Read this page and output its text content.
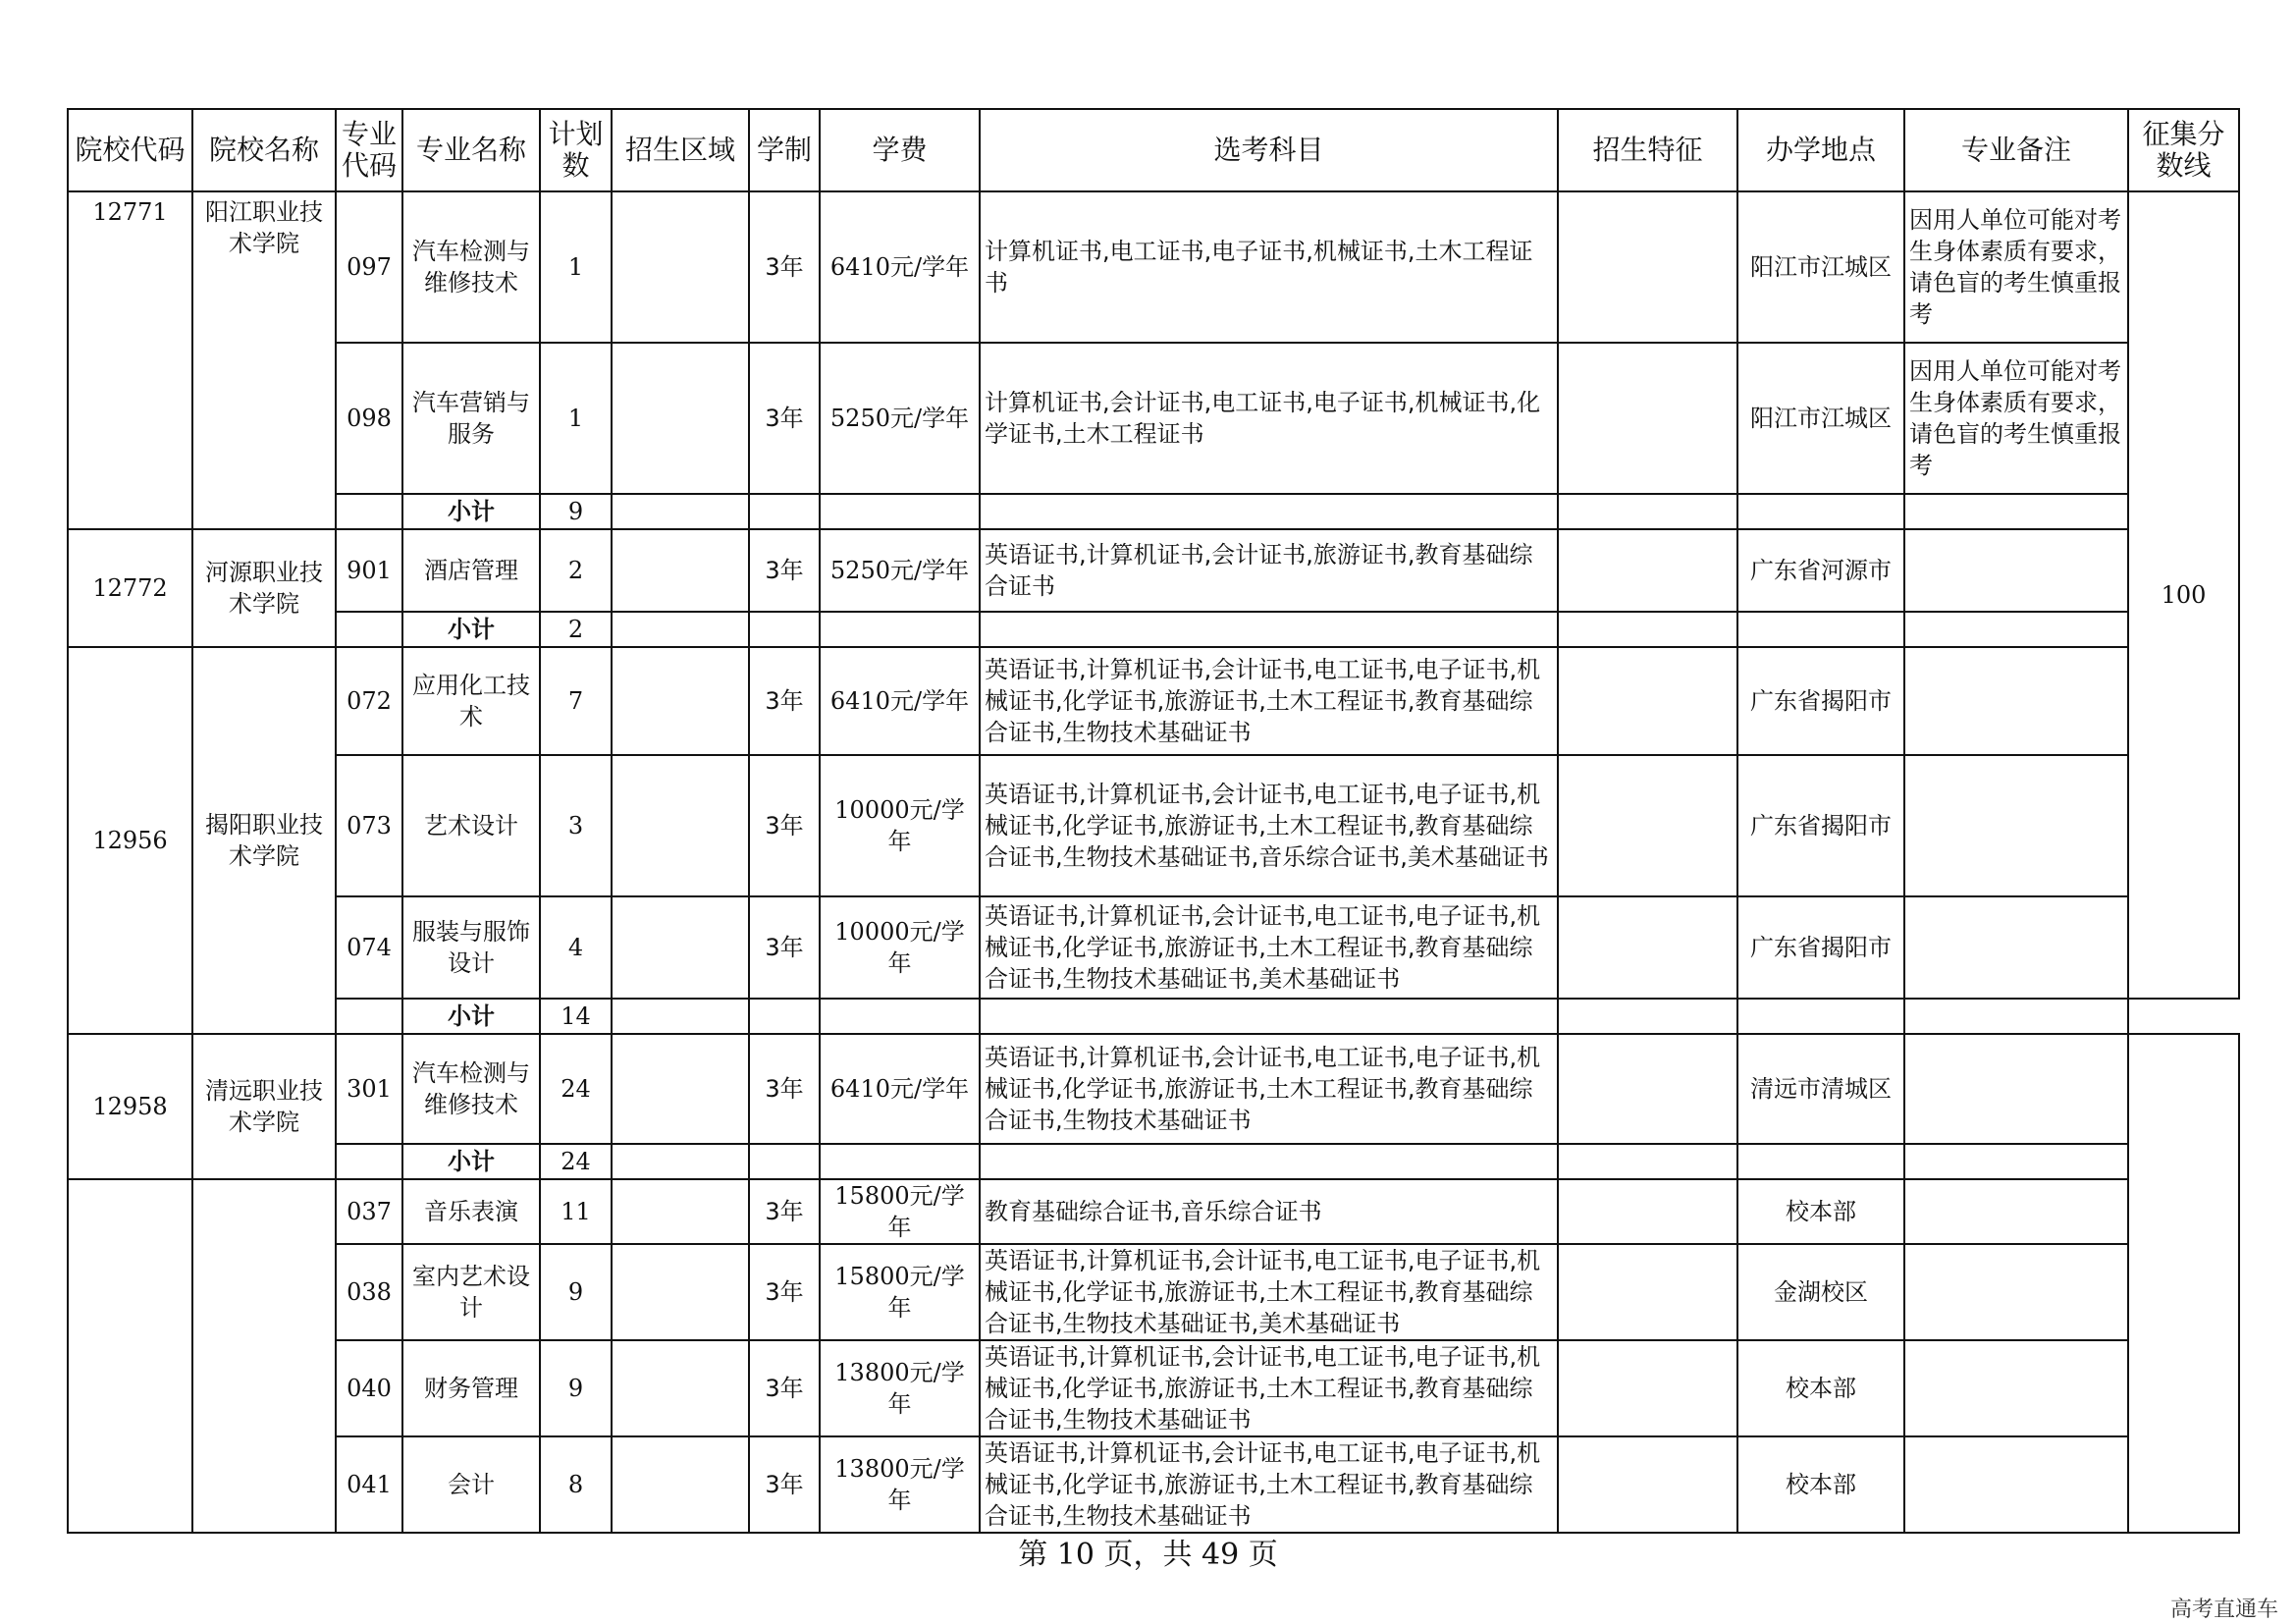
院校代码	院校名称	专业代码	专业名称	计划数	招生区域	学制	学费	选考科目	招生特征	办学地点	专业备注	征集分数线
12771	阳江职业技术学院	097	汽车检测与维修技术	1		3年	6410元/学年	计算机证书,电工证书,电子证书,机械证书,土木工程证书		阳江市江城区	因用人单位可能对考生身体素质有要求，请色盲的考生慎重报考	100
		098	汽车营销与服务	1		3年	5250元/学年	计算机证书,会计证书,电工证书,电子证书,机械证书,化学证书,土木工程证书		阳江市江城区	因用人单位可能对考生身体素质有要求，请色盲的考生慎重报考	
			小计	9								
12772	河源职业技术学院	901	酒店管理	2		3年	5250元/学年	英语证书,计算机证书,会计证书,旅游证书,教育基础综合证书		广东省河源市		
			小计	2								
12956	揭阳职业技术学院	072	应用化工技术	7		3年	6410元/学年	英语证书,计算机证书,会计证书,电工证书,电子证书,机械证书,化学证书,旅游证书,土木工程证书,教育基础综合证书,生物技术基础证书		广东省揭阳市		
		073	艺术设计	3		3年	10000元/学年	英语证书,计算机证书,会计证书,电工证书,电子证书,机械证书,化学证书,旅游证书,土木工程证书,教育基础综合证书,生物技术基础证书,音乐综合证书,美术基础证书		广东省揭阳市		
		074	服装与服饰设计	4		3年	10000元/学年	英语证书,计算机证书,会计证书,电工证书,电子证书,机械证书,化学证书,旅游证书,土木工程证书,教育基础综合证书,生物技术基础证书,美术基础证书		广东省揭阳市		
			小计	14								
12958	清远职业技术学院	301	汽车检测与维修技术	24		3年	6410元/学年	英语证书,计算机证书,会计证书,电工证书,电子证书,机械证书,化学证书,旅游证书,土木工程证书,教育基础综合证书,生物技术基础证书		清远市清城区		
			小计	24								
		037	音乐表演	11		3年	15800元/学年	教育基础综合证书,音乐综合证书		校本部		
		038	室内艺术设计	9		3年	15800元/学年	英语证书,计算机证书,会计证书,电工证书,电子证书,机械证书,化学证书,旅游证书,土木工程证书,教育基础综合证书,生物技术基础证书,美术基础证书		金湖校区		
		040	财务管理	9		3年	13800元/学年	英语证书,计算机证书,会计证书,电工证书,电子证书,机械证书,化学证书,旅游证书,土木工程证书,教育基础综合证书,生物技术基础证书		校本部		
		041	会计	8		3年	13800元/学年	英语证书,计算机证书,会计证书,电工证书,电子证书,机械证书,化学证书,旅游证书,土木工程证书,教育基础综合证书,生物技术基础证书		校本部		
第 10 页，共 49 页
高考直通车
